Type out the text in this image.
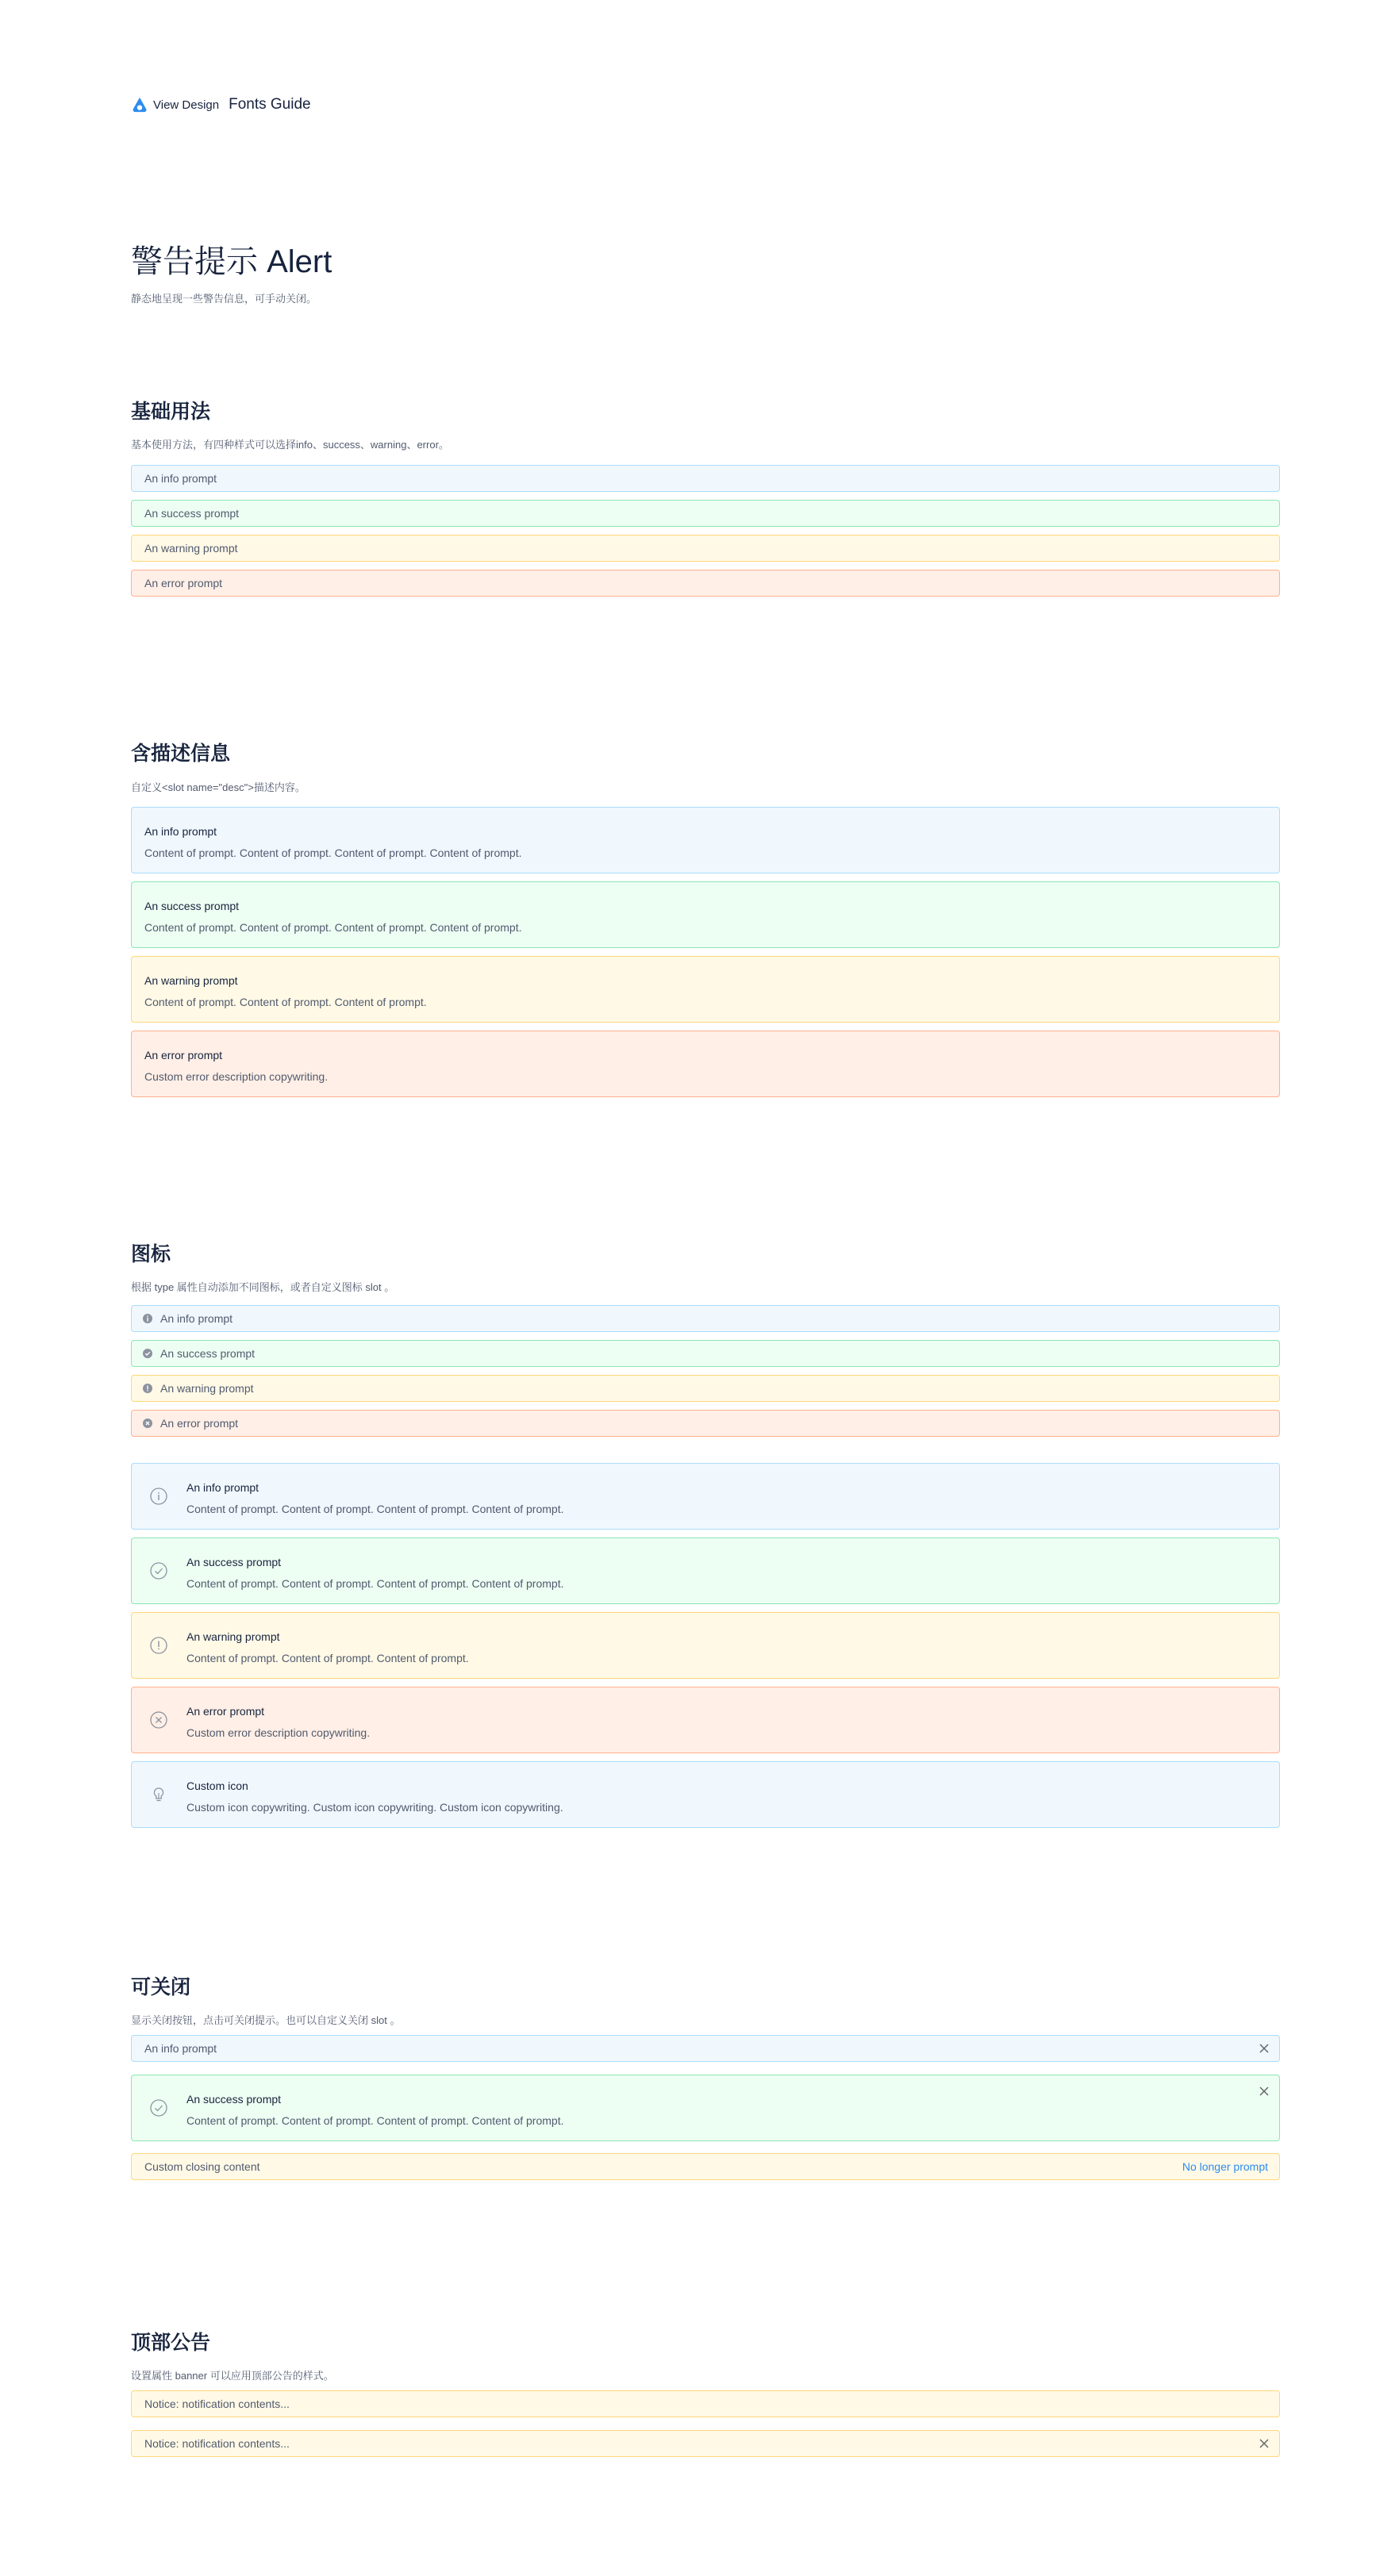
View Design Fonts Guide
警告提示 Alert

静态地呈现一些警告信息，可手动关闭。

基础用法

基本使用方法，有四种样式可以选择info、success、warning、error。

An info prompt
An success prompt
An warning prompt
An error prompt
含描述信息

自定义<slot name="desc">描述内容。

An info prompt
Content of prompt. Content of prompt. Content of prompt. Content of prompt.
An success prompt
Content of prompt. Content of prompt. Content of prompt. Content of prompt.
An warning prompt
Content of prompt. Content of prompt. Content of prompt.
An error prompt
Custom error description copywriting.
图标

根据 type 属性自动添加不同图标，或者自定义图标 slot 。

An info prompt
An success prompt
An warning prompt
An error prompt
An info prompt
Content of prompt. Content of prompt. Content of prompt. Content of prompt.
An success prompt
Content of prompt. Content of prompt. Content of prompt. Content of prompt.
An warning prompt
Content of prompt. Content of prompt. Content of prompt.
An error prompt
Custom error description copywriting.
Custom icon
Custom icon copywriting. Custom icon copywriting. Custom icon copywriting.
可关闭

显示关闭按钮，点击可关闭提示。也可以自定义关闭 slot 。

An info prompt
An success prompt
Content of prompt. Content of prompt. Content of prompt. Content of prompt.
Custom closing content	No longer prompt
顶部公告

设置属性 banner 可以应用顶部公告的样式。

Notice: notification contents...
Notice: notification contents...
